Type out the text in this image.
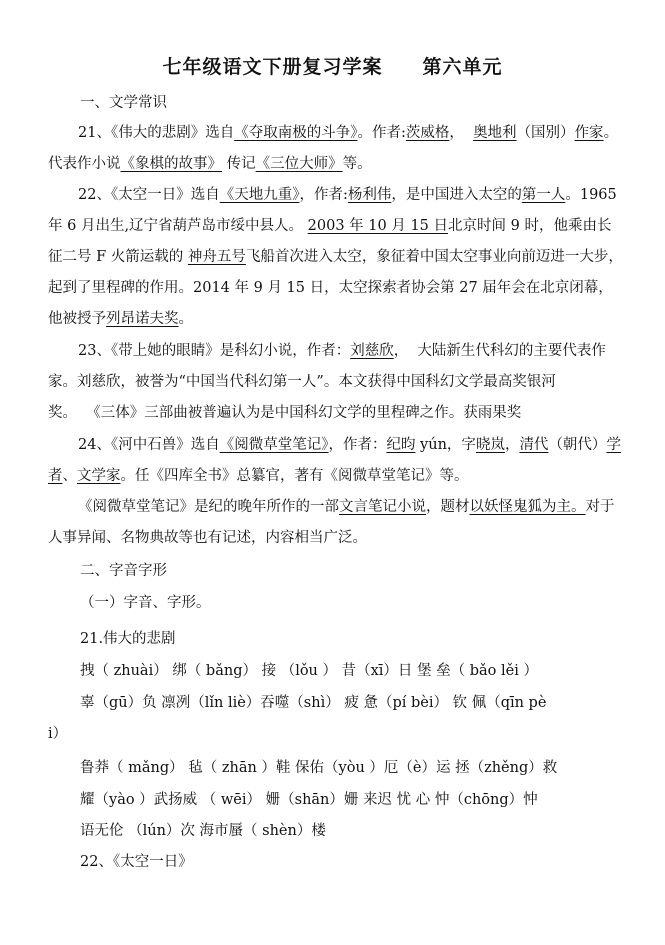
七年级语文下册复习学案 第六单元
一、文学常识
21、《伟大的悲剧》选自《夺取南极的斗争》。作者:茨威格， 奥地利（国别）作家。代表作小说《象棋的故事》 传记《三位大师》等。
22、《太空一日》选自《天地九重》，作者:杨利伟，是中国进入太空的第一人。1965 年 6 月出生,辽宁省葫芦岛市绥中县人。 2003 年 10 月 15 日北京时间 9 时，他乘由长征二号 F 火箭运载的 神舟五号飞船首次进入太空，象征着中国太空事业向前迈进一大步，起到了里程碑的作用。2014 年 9 月 15 日，太空探索者协会第 27 届年会在北京闭幕，他被授予列昂诺夫奖。
23、《带上她的眼睛》是科幻小说，作者：刘慈欣， 大陆新生代科幻的主要代表作家。刘慈欣，被誉为“中国当代科幻第一人”。本文获得中国科幻文学最高奖银河奖。 《三体》三部曲被普遍认为是中国科幻文学的里程碑之作。获雨果奖
24、《河中石兽》选自《阅微草堂笔记》，作者：纪昀 yún，字晓岚，清代（朝代）学者、文学家。任《四库全书》总纂官，著有《阅微草堂笔记》等。
《阅微草堂笔记》是纪的晚年所作的一部文言笔记小说，题材以妖怪鬼狐为主。对于人事异闻、名物典故等也有记述，内容相当广泛。
二、字音字形
（一）字音、字形。
21.伟大的悲剧
拽（ zhuài） 绑（ bǎng） 接 （lǒu ） 昔（xī）日 堡 垒（ bǎo lěi ）
辜（gū）负 凛冽（lǐn liè）吞噬（shì） 疲 惫（pí bèi） 钦 佩（qīn pè
i）
鲁莽（ mǎng） 毡（ zhān ）鞋 保佑（yòu ）厄（è）运 拯（zhěng）救
耀（yào ）武扬威 （ wēi） 姗（shān）姗 来迟 忧 心 忡（chōng）忡
语无伦 （lún）次 海市蜃（ shèn）楼
22、《太空一日》
